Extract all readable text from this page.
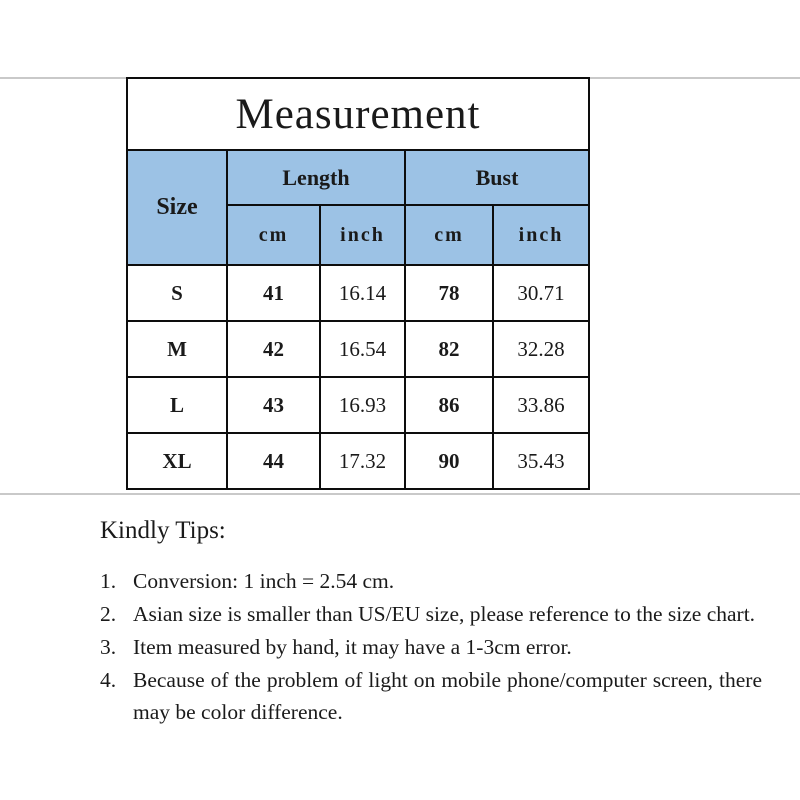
Measurement				
Size	Length		Bust	
	cm	inch	cm	inch
S	41	16.14	78	30.71
M	42	16.54	82	32.28
L	43	16.93	86	33.86
XL	44	17.32	90	35.43
Kindly Tips:
1. Conversion: 1 inch = 2.54 cm.
2. Asian size is smaller than US/EU size, please reference to the size chart.
3. Item measured by hand, it may have a 1-3cm error.
4. Because of the problem of light on mobile phone/computer screen, there may be color difference.
